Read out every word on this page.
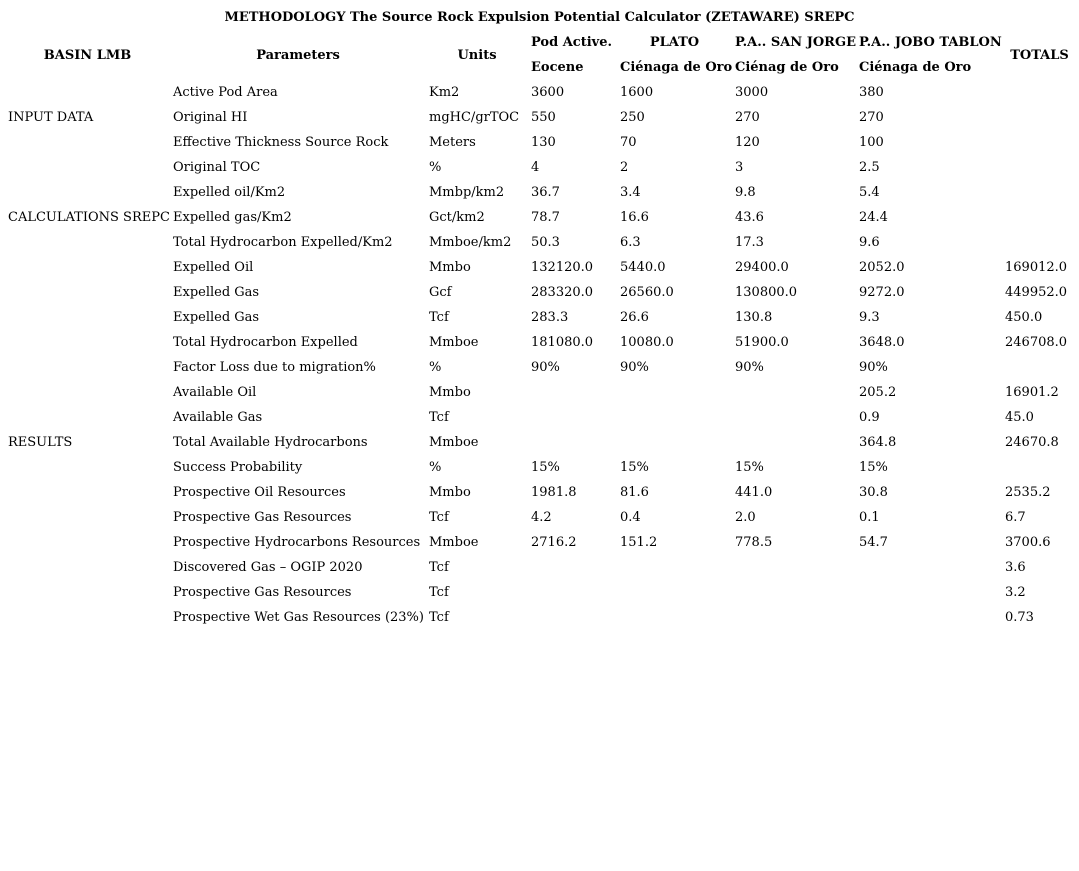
METHODOLOGY The Source Rock Expulsion Potential Calculator (ZETAWARE) SREPC
BASIN LMB	Parameters	Units	Pod Active.	PLATO	P.A.. SAN JORGE	P.A.. JOBO TABLON	TOTALS
			Eocene	Ciénaga de Oro	Ciénag de Oro	Ciénaga de Oro	
	Active Pod Area	Km2	3600	1600	3000	380	
INPUT DATA	Original HI	mgHC/grTOC	550	250	270	270	
	Effective Thickness Source Rock	Meters	130	70	120	100	
	Original TOC	%	4	2	3	2.5	
	Expelled oil/Km2	Mmbp/km2	36.7	3.4	9.8	5.4	
CALCULATIONS SREPC	Expelled gas/Km2	Gct/km2	78.7	16.6	43.6	24.4	
	Total Hydrocarbon Expelled/Km2	Mmboe/km2	50.3	6.3	17.3	9.6	
	Expelled Oil	Mmbo	132120.0	5440.0	29400.0	2052.0	169012.0
	Expelled Gas	Gcf	283320.0	26560.0	130800.0	9272.0	449952.0
	Expelled Gas	Tcf	283.3	26.6	130.8	9.3	450.0
	Total Hydrocarbon Expelled	Mmboe	181080.0	10080.0	51900.0	3648.0	246708.0
	Factor Loss due to migration%	%	90%	90%	90%	90%	
	Available Oil	Mmbo				205.2	16901.2
	Available Gas	Tcf				0.9	45.0
RESULTS	Total Available Hydrocarbons	Mmboe				364.8	24670.8
	Success Probability	%	15%	15%	15%	15%	
	Prospective Oil Resources	Mmbo	1981.8	81.6	441.0	30.8	2535.2
	Prospective Gas Resources	Tcf	4.2	0.4	2.0	0.1	6.7
	Prospective Hydrocarbons Resources	Mmboe	2716.2	151.2	778.5	54.7	3700.6
	Discovered Gas – OGIP 2020	Tcf					3.6
	Prospective Gas Resources	Tcf					3.2
	Prospective Wet Gas Resources (23%)	Tcf					0.73
